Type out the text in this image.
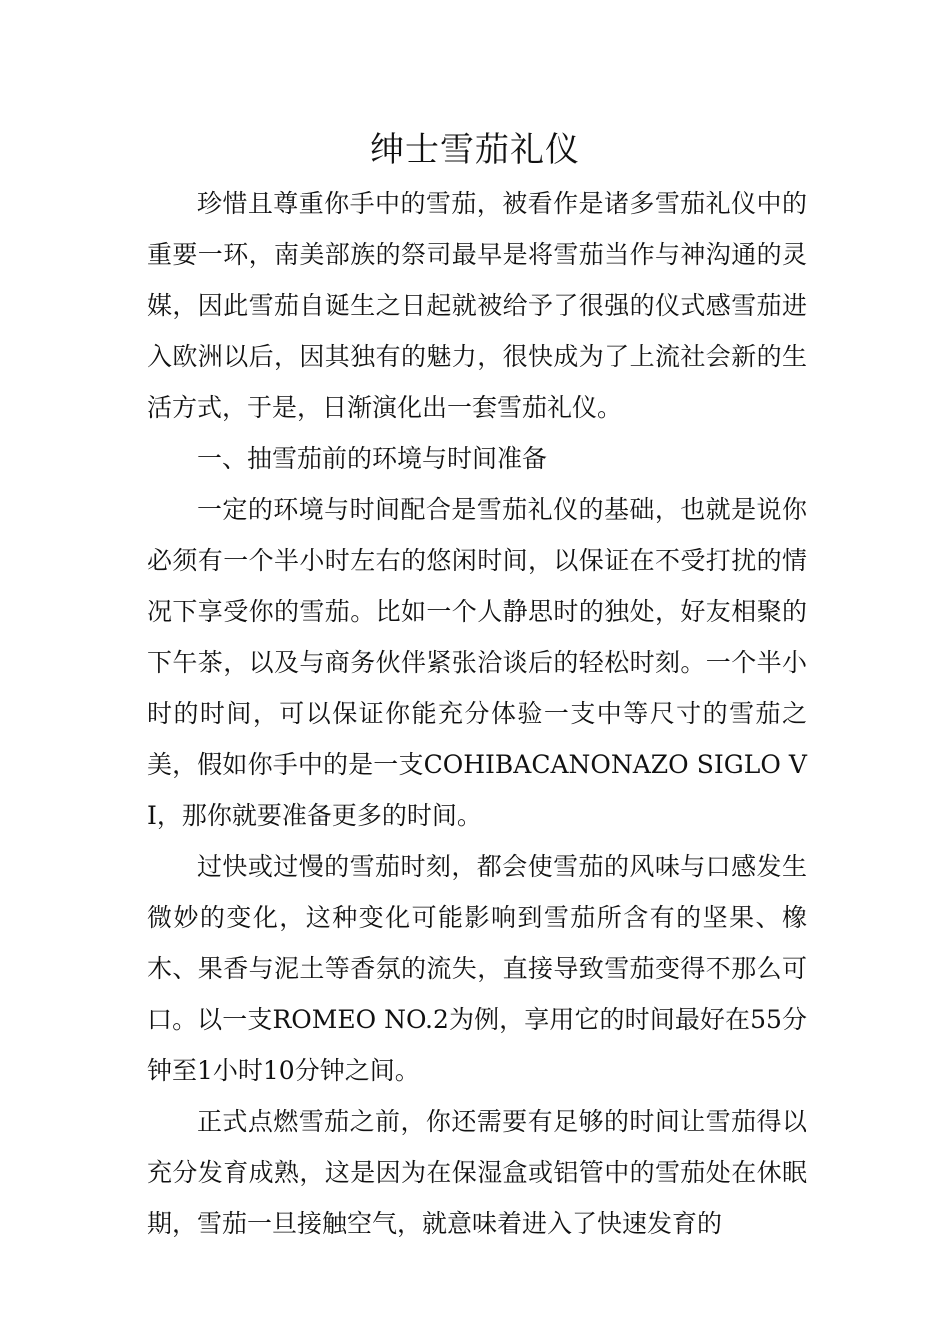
绅士雪茄礼仪

珍惜且尊重你手中的雪茄，被看作是诸多雪茄礼仪中的重要一环，南美部族的祭司最早是将雪茄当作与神沟通的灵媒，因此雪茄自诞生之日起就被给予了很强的仪式感雪茄进入欧洲以后，因其独有的魅力，很快成为了上流社会新的生活方式，于是，日渐演化出一套雪茄礼仪。

一、抽雪茄前的环境与时间准备

一定的环境与时间配合是雪茄礼仪的基础，也就是说你必须有一个半小时左右的悠闲时间，以保证在不受打扰的情况下享受你的雪茄。比如一个人静思时的独处，好友相聚的下午茶，以及与商务伙伴紧张洽谈后的轻松时刻。一个半小时的时间，可以保证你能充分体验一支中等尺寸的雪茄之美，假如你手中的是一支COHIBACANONAZO SIGLO VI，那你就要准备更多的时间。

过快或过慢的雪茄时刻，都会使雪茄的风味与口感发生微妙的变化，这种变化可能影响到雪茄所含有的坚果、橡木、果香与泥土等香氛的流失，直接导致雪茄变得不那么可口。以一支ROMEO NO.2为例，享用它的时间最好在55分钟至1小时10分钟之间。

正式点燃雪茄之前，你还需要有足够的时间让雪茄得以充分发育成熟，这是因为在保湿盒或铝管中的雪茄处在休眠期，雪茄一旦接触空气，就意味着进入了快速发育的
